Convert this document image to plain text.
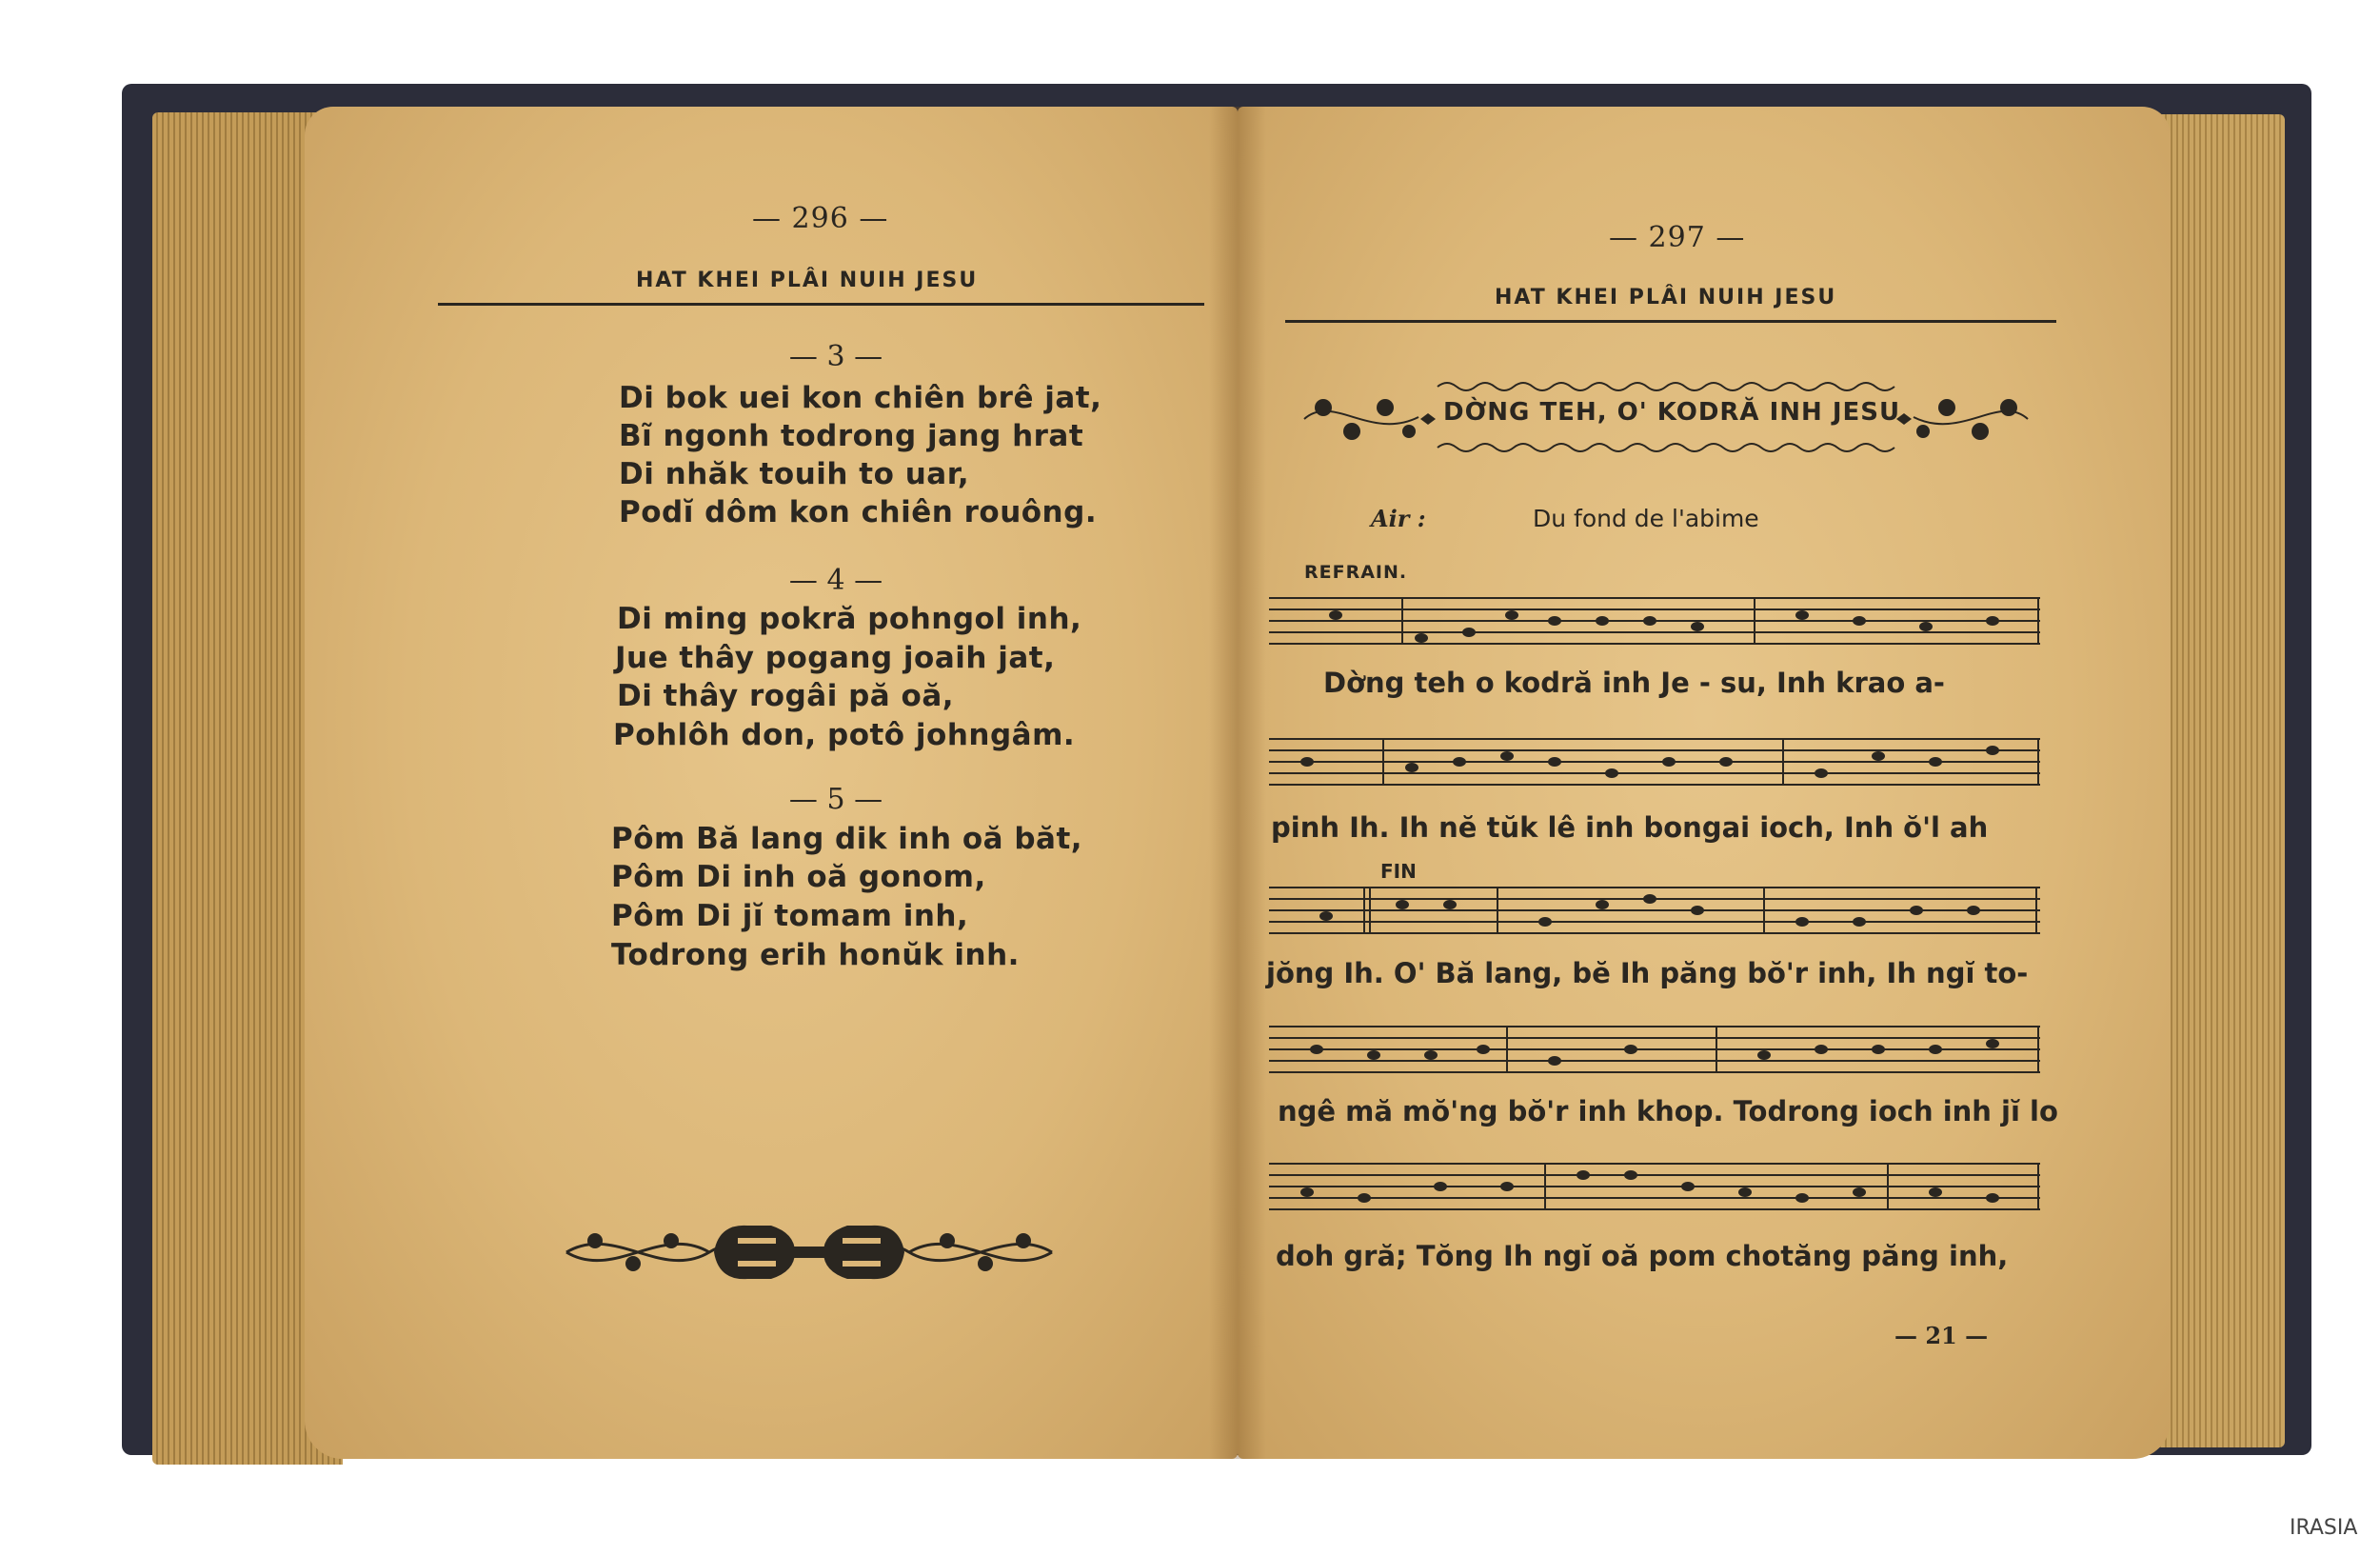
— 296 —
HAT KHEI PLÂI NUIH JESU
— 3 —
Di bok uei kon chiên brê jat,
Bĩ ngonh todrong jang hrat
Di nhăk touih to uar,
Podĭ dôm kon chiên rouông.
— 4 —
Di ming pokră pohngol inh,
Jue thây pogang joaih jat,
Di thây rogâi pă oă,
Pohlôh don, potô johngâm.
— 5 —
Pôm Bă lang dik inh oă băt,
Pôm Di inh oă gonom,
Pôm Di jĭ tomam inh,
Todrong erih honŭk inh.
— 297 —
HAT KHEI PLÂI NUIH JESU
DỜNG TEH, O' KODRĂ INH JESU
Air :	Du fond de l'abime
REFRAIN.
Dờng teh o kodră inh Je - su, Inh krao a-
pinh Ih. Ih nĕ tŭk lê inh bongai ioch, Inh ŏ'l ah
FIN
jŏng Ih. O' Bă lang, bĕ Ih păng bŏ'r inh, Ih ngĭ to-
ngê mă mŏ'ng bŏ'r inh khop. Todrong ioch inh jĭ lo
doh gră; Tŏng Ih ngĭ oă pom chotăng păng inh,
— 21 —
IRASIA
